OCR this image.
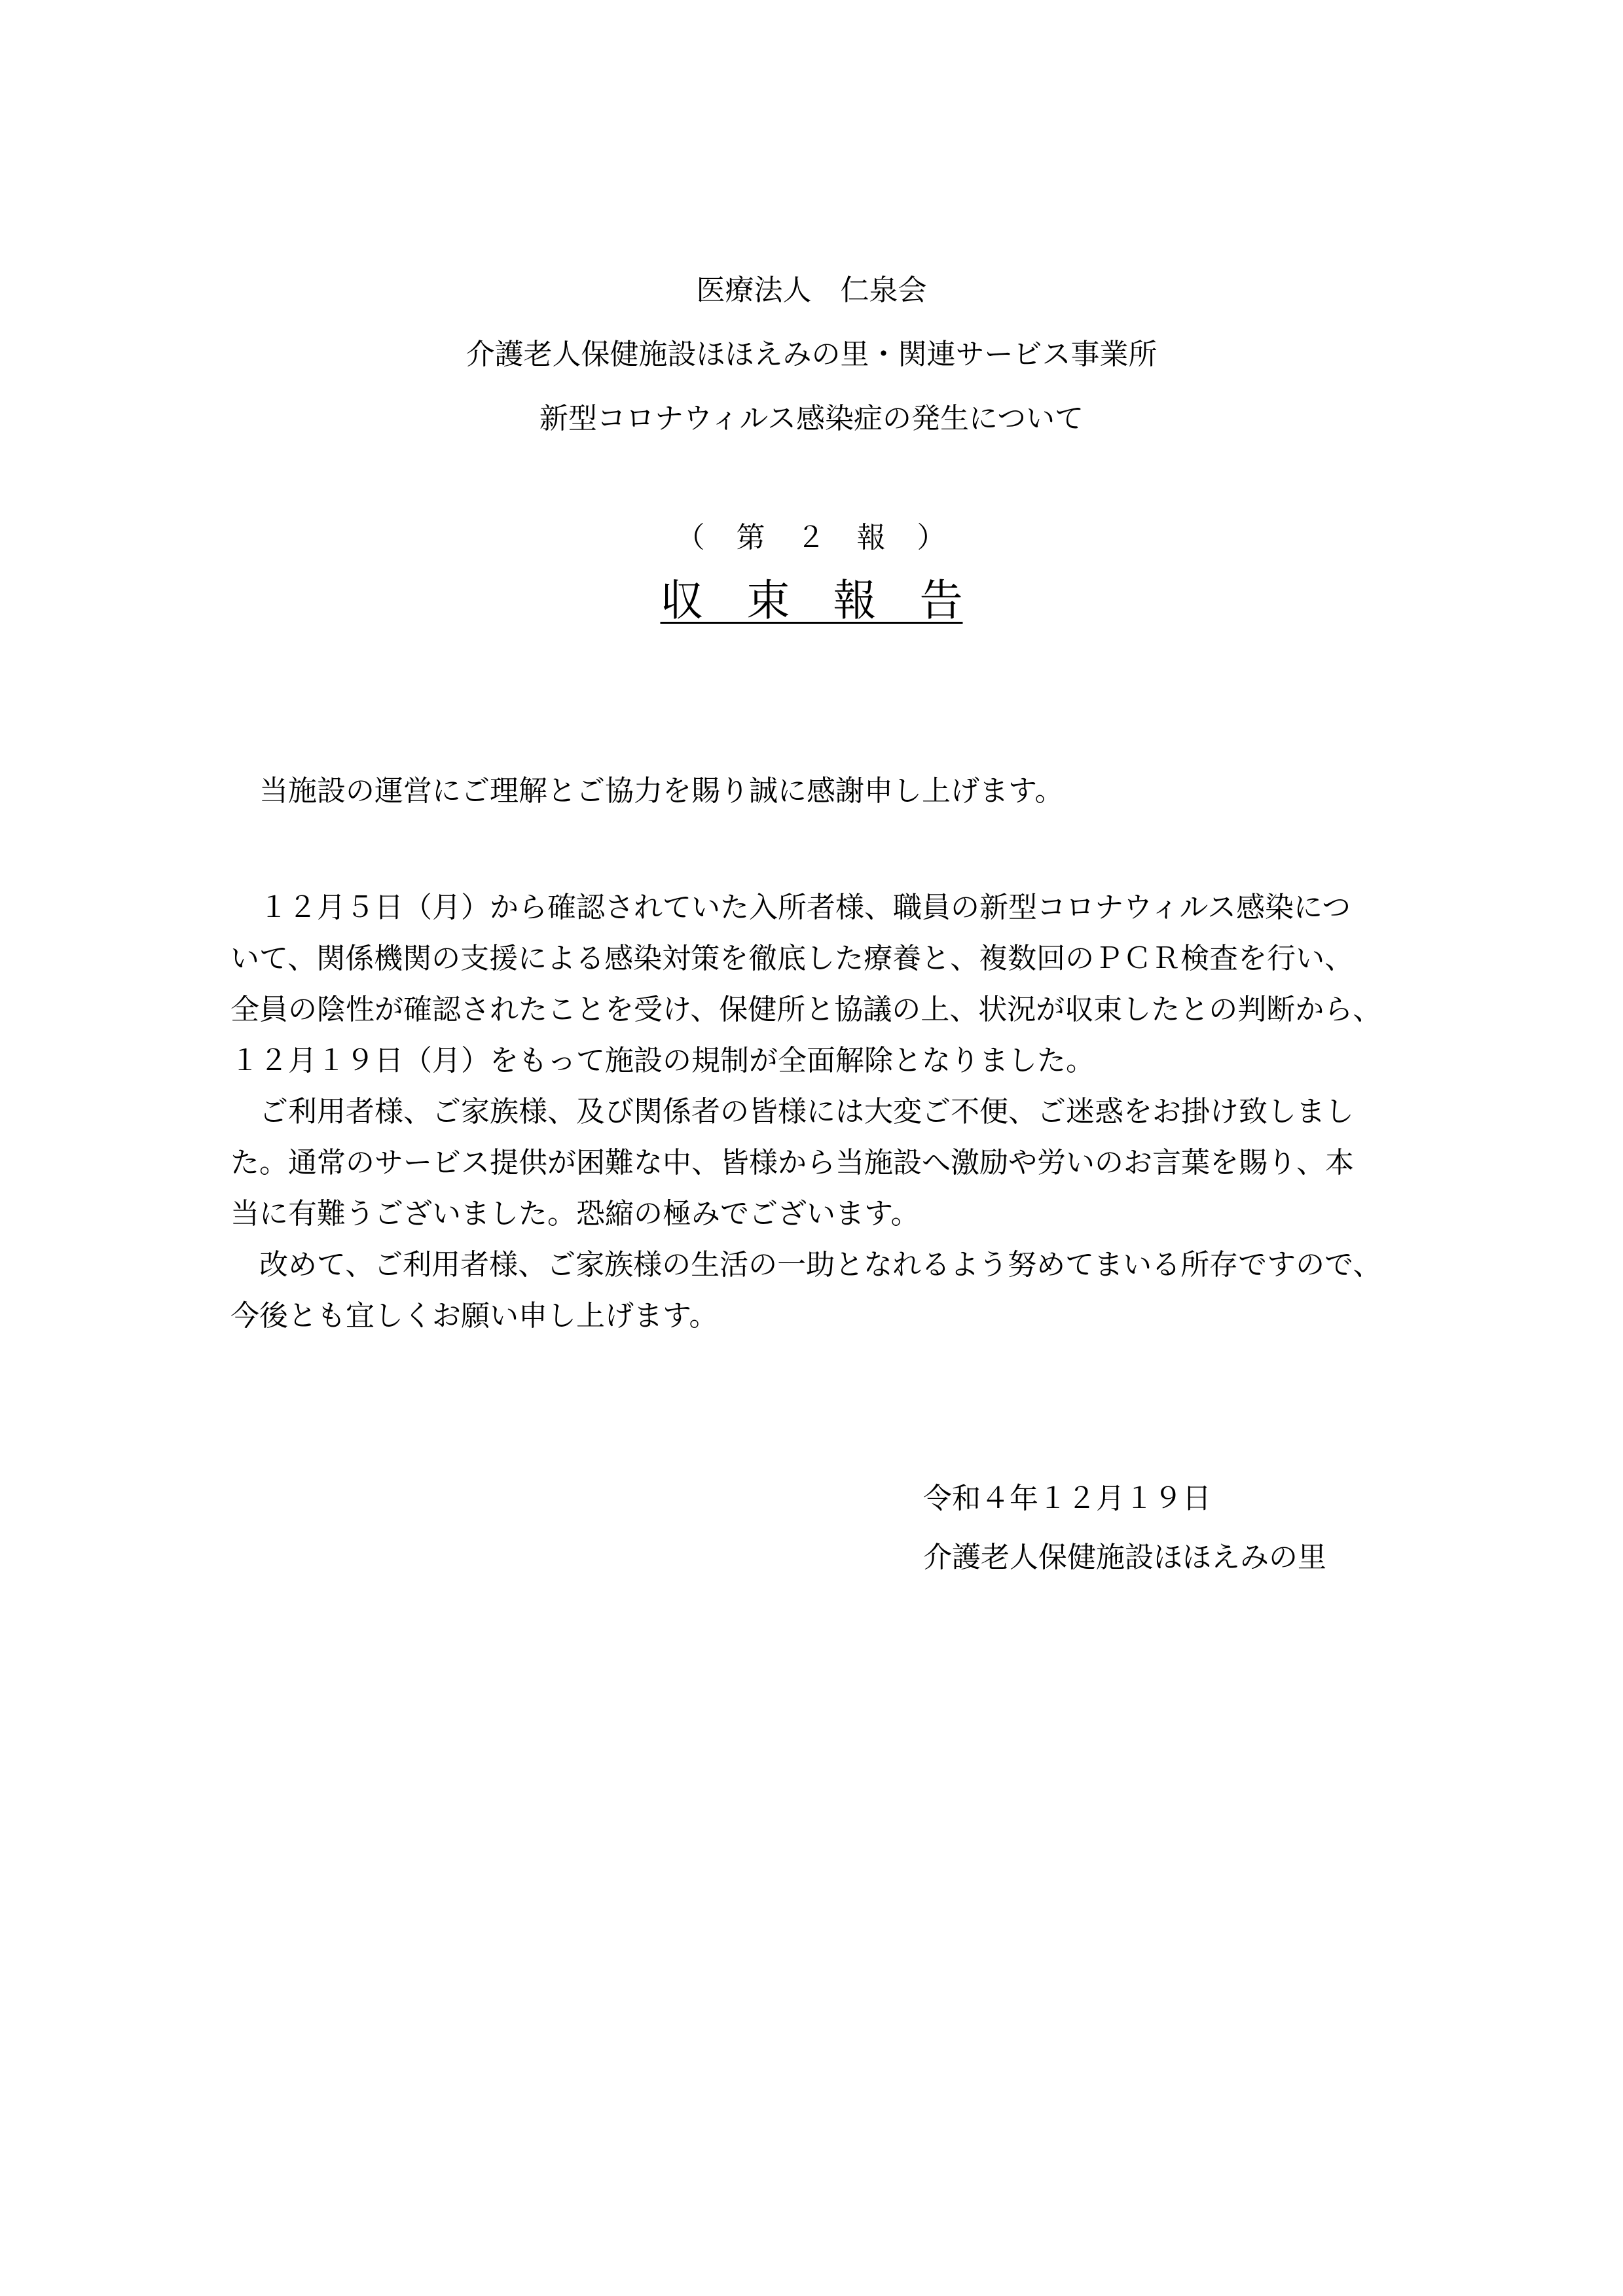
医療法人　仁泉会
介護老人保健施設ほほえみの里・関連サービス事業所
新型コロナウィルス感染症の発生について
（　第　２　報　）
収　束　報　告

　当施設の運営にご理解とご協力を賜り誠に感謝申し上げます。

　１２月５日（月）から確認されていた入所者様、職員の新型コロナウィルス感染につ

いて、関係機関の支援による感染対策を徹底した療養と、複数回のＰＣＲ検査を行い、

全員の陰性が確認されたことを受け、保健所と協議の上、状況が収束したとの判断から、

１２月１９日（月）をもって施設の規制が全面解除となりました。

　ご利用者様、ご家族様、及び関係者の皆様には大変ご不便、ご迷惑をお掛け致しまし

た。通常のサービス提供が困難な中、皆様から当施設へ激励や労いのお言葉を賜り、本

当に有難うございました。恐縮の極みでございます。

　改めて、ご利用者様、ご家族様の生活の一助となれるよう努めてまいる所存ですので、

今後とも宜しくお願い申し上げます。

令和４年１２月１９日
介護老人保健施設ほほえみの里
